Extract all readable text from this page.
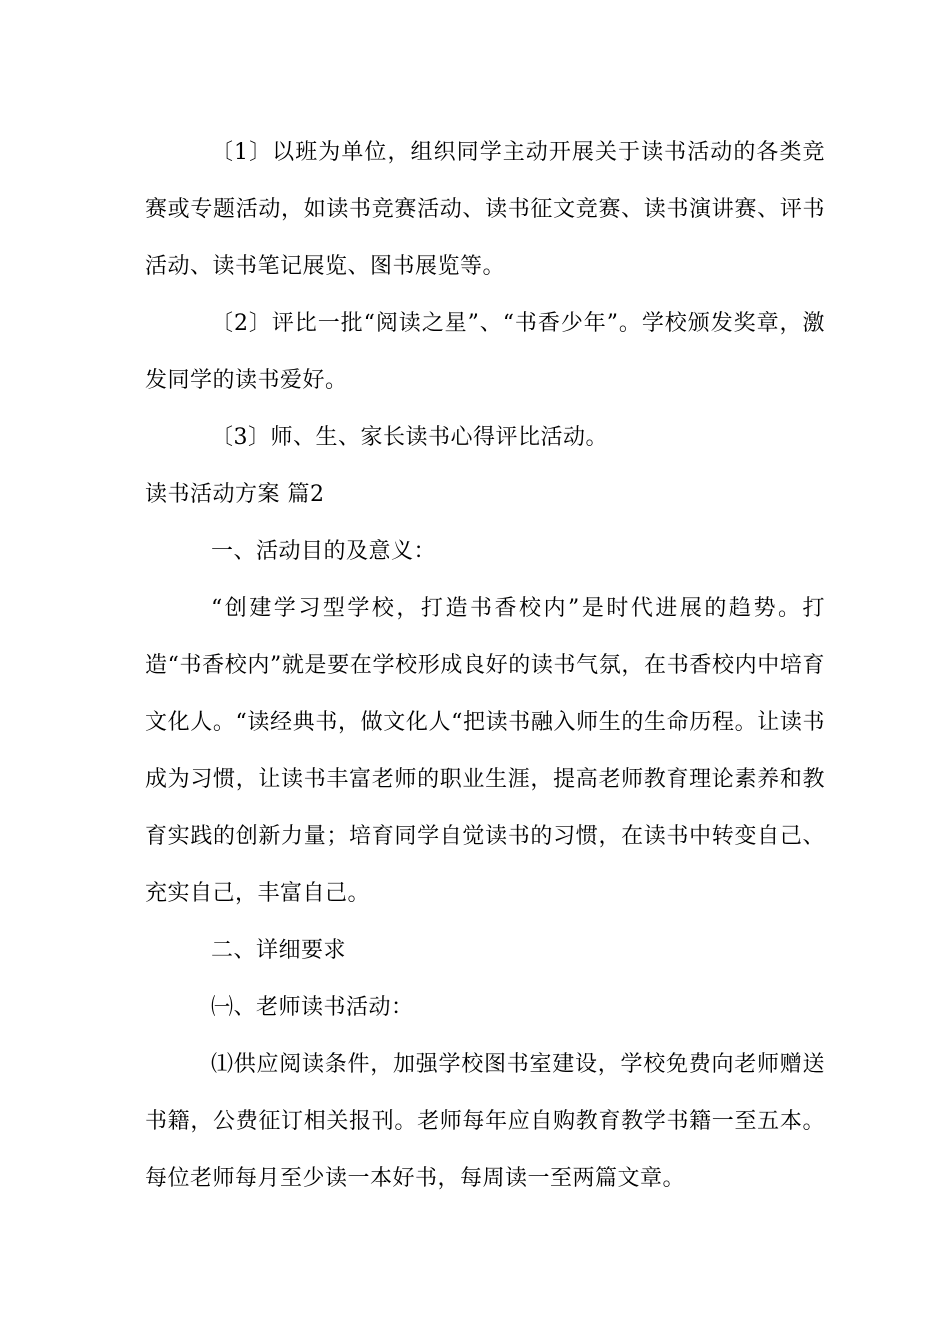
〔1〕以班为单位，组织同学主动开展关于读书活动的各类竞赛或专题活动，如读书竞赛活动、读书征文竞赛、读书演讲赛、评书活动、读书笔记展览、图书展览等。

〔2〕评比一批“阅读之星”、“书香少年”。学校颁发奖章，激发同学的读书爱好。

〔3〕师、生、家长读书心得评比活动。

读书活动方案 篇2

一、活动目的及意义：

“创建学习型学校，打造书香校内”是时代进展的趋势。打造“书香校内”就是要在学校形成良好的读书气氛，在书香校内中培育文化人。“读经典书，做文化人“把读书融入师生的生命历程。让读书成为习惯，让读书丰富老师的职业生涯，提高老师教育理论素养和教育实践的创新力量；培育同学自觉读书的习惯，在读书中转变自己、充实自己，丰富自己。

二、详细要求

㈠、老师读书活动：

⑴供应阅读条件，加强学校图书室建设，学校免费向老师赠送书籍，公费征订相关报刊。老师每年应自购教育教学书籍一至五本。每位老师每月至少读一本好书，每周读一至两篇文章。
